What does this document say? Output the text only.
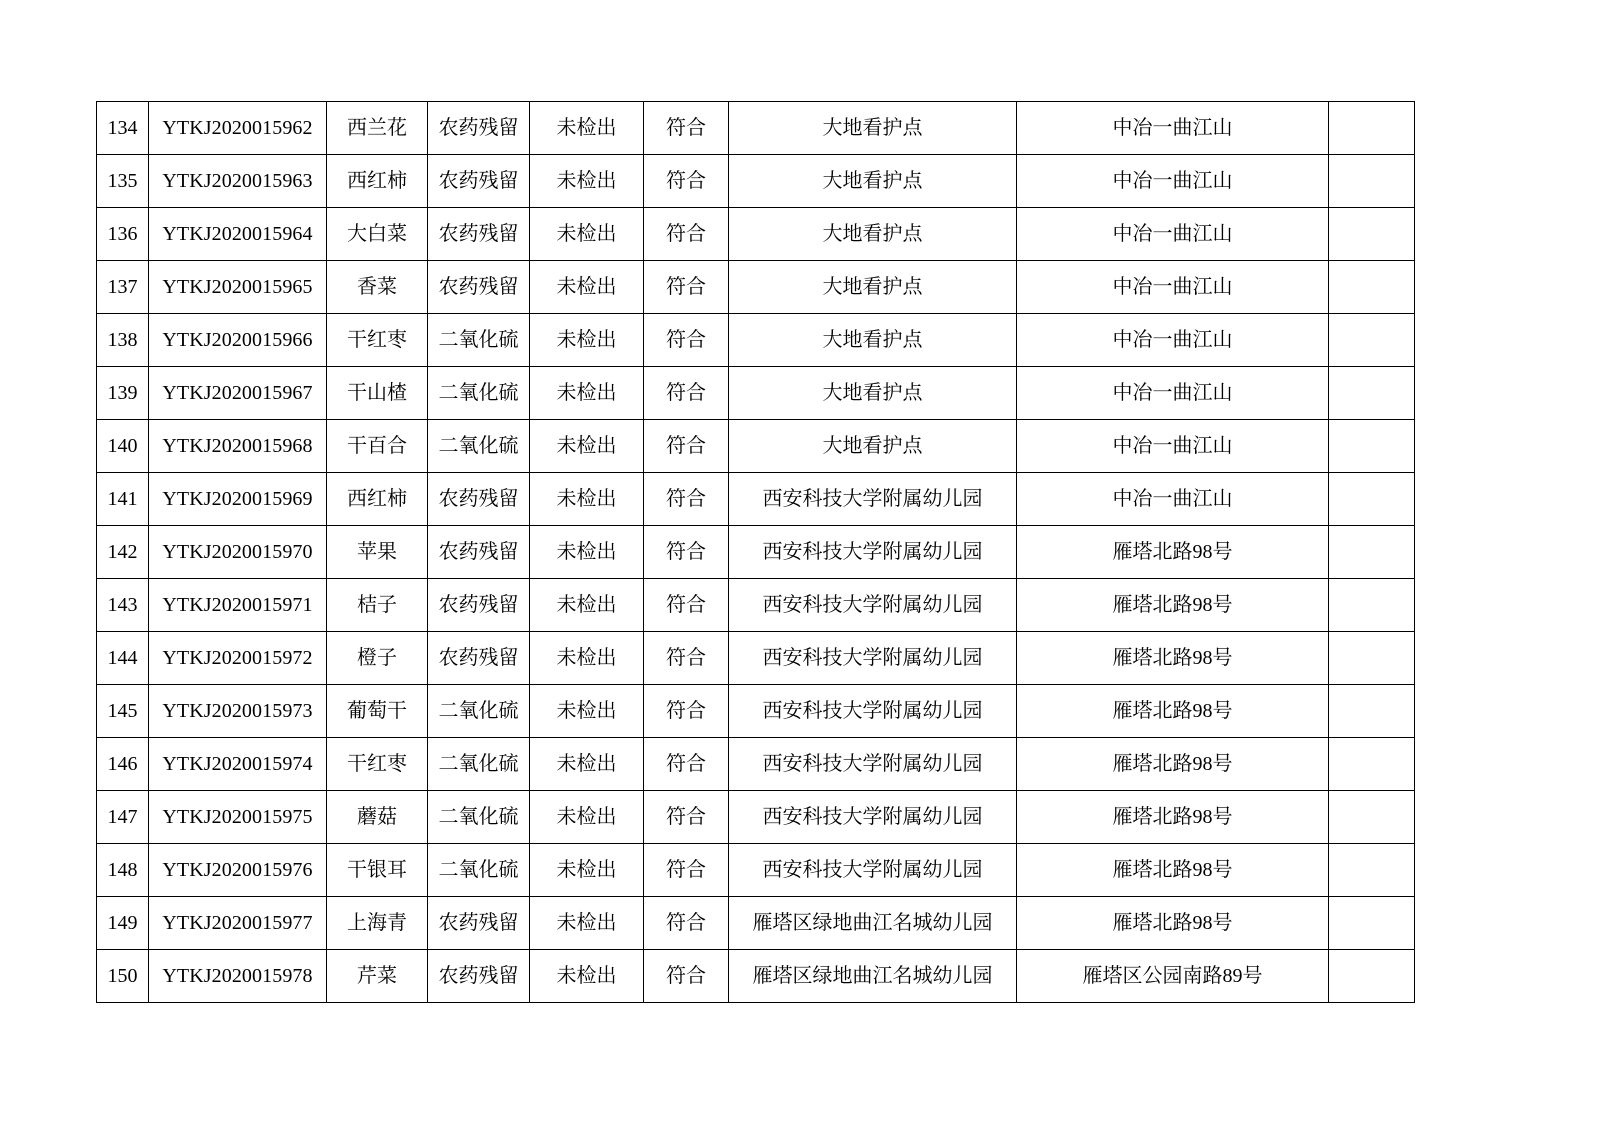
134	YTKJ2020015962	西兰花	农药残留	未检出	符合	大地看护点	中冶一曲江山	
135	YTKJ2020015963	西红柿	农药残留	未检出	符合	大地看护点	中冶一曲江山	
136	YTKJ2020015964	大白菜	农药残留	未检出	符合	大地看护点	中冶一曲江山	
137	YTKJ2020015965	香菜	农药残留	未检出	符合	大地看护点	中冶一曲江山	
138	YTKJ2020015966	干红枣	二氧化硫	未检出	符合	大地看护点	中冶一曲江山	
139	YTKJ2020015967	干山楂	二氧化硫	未检出	符合	大地看护点	中冶一曲江山	
140	YTKJ2020015968	干百合	二氧化硫	未检出	符合	大地看护点	中冶一曲江山	
141	YTKJ2020015969	西红柿	农药残留	未检出	符合	西安科技大学附属幼儿园	中冶一曲江山	
142	YTKJ2020015970	苹果	农药残留	未检出	符合	西安科技大学附属幼儿园	雁塔北路98号	
143	YTKJ2020015971	桔子	农药残留	未检出	符合	西安科技大学附属幼儿园	雁塔北路98号	
144	YTKJ2020015972	橙子	农药残留	未检出	符合	西安科技大学附属幼儿园	雁塔北路98号	
145	YTKJ2020015973	葡萄干	二氧化硫	未检出	符合	西安科技大学附属幼儿园	雁塔北路98号	
146	YTKJ2020015974	干红枣	二氧化硫	未检出	符合	西安科技大学附属幼儿园	雁塔北路98号	
147	YTKJ2020015975	蘑菇	二氧化硫	未检出	符合	西安科技大学附属幼儿园	雁塔北路98号	
148	YTKJ2020015976	干银耳	二氧化硫	未检出	符合	西安科技大学附属幼儿园	雁塔北路98号	
149	YTKJ2020015977	上海青	农药残留	未检出	符合	雁塔区绿地曲江名城幼儿园	雁塔北路98号	
150	YTKJ2020015978	芹菜	农药残留	未检出	符合	雁塔区绿地曲江名城幼儿园	雁塔区公园南路89号	
